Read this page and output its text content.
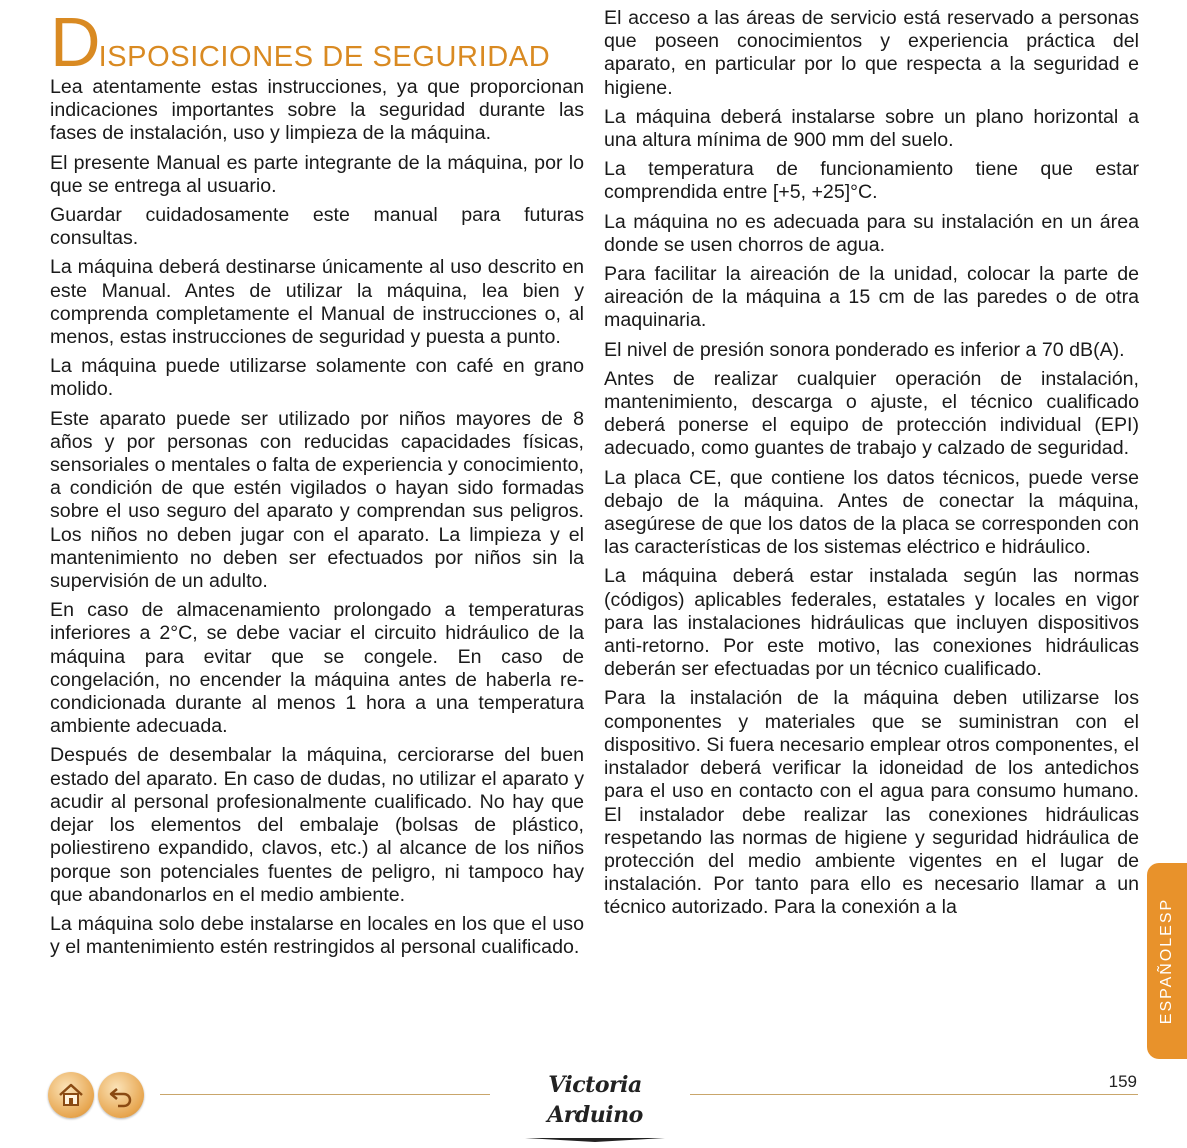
DISPOSICIONES DE SEGURIDAD

Lea atentamente estas instrucciones, ya que proporcionan indicaciones importantes sobre la seguridad durante las fases de instalación, uso y limpieza de la máquina.

El presente Manual es parte integrante de la máquina, por lo que se entrega al usuario.

Guardar cuidadosamente este manual para futuras consultas.

La máquina deberá destinarse únicamente al uso descrito en este Manual. Antes de utilizar la máquina, lea bien y comprenda completamente el Manual de instrucciones o, al menos, estas instrucciones de seguridad y puesta a punto.

La máquina puede utilizarse solamente con café en grano molido.

Este aparato puede ser utilizado por niños mayores de 8 años y por personas con reducidas capacidades físicas, sensoriales o mentales o falta de experiencia y conocimiento, a condición de que estén vigilados o hayan sido formadas sobre el uso seguro del aparato y comprendan sus peligros. Los niños no deben jugar con el aparato. La limpieza y el mantenimiento no deben ser efectuados por niños sin la supervisión de un adulto.

En caso de almacenamiento prolongado a temperaturas inferiores a 2°C, se debe vaciar el circuito hidráulico de la máquina para evitar que se congele. En caso de congelación, no encender la máquina antes de haberla re-condicionada durante al menos 1 hora a una temperatura ambiente adecuada.

Después de desembalar la máquina, cerciorarse del buen estado del aparato. En caso de dudas, no utilizar el aparato y acudir al personal profesionalmente cualificado. No hay que dejar los elementos del embalaje (bolsas de plástico, poliestireno expandido, clavos, etc.) al alcance de los niños porque son potenciales fuentes de peligro, ni tampoco hay que abandonarlos en el medio ambiente.

La máquina solo debe instalarse en locales en los que el uso y el mantenimiento estén restringidos al personal cualificado.

El acceso a las áreas de servicio está reservado a personas que poseen conocimientos y experiencia práctica del aparato, en particular por lo que respecta a la seguridad e higiene.

La máquina deberá instalarse sobre un plano horizontal a una altura mínima de 900 mm del suelo.

La temperatura de funcionamiento tiene que estar comprendida entre [+5, +25]°C.

La máquina no es adecuada para su instalación en un área donde se usen chorros de agua.

Para facilitar la aireación de la unidad, colocar la parte de aireación de la máquina a 15 cm de las paredes o de otra maquinaria.

El nivel de presión sonora ponderado es inferior a 70 dB(A).

Antes de realizar cualquier operación de instalación, mantenimiento, descarga o ajuste, el técnico cualificado deberá ponerse el equipo de protección individual (EPI) adecuado, como guantes de trabajo y calzado de seguridad.

La placa CE, que contiene los datos técnicos, puede verse debajo de la máquina. Antes de conectar la máquina, asegúrese de que los datos de la placa se corresponden con las características de los sistemas eléctrico e hidráulico.

La máquina deberá estar instalada según las normas (códigos) aplicables federales, estatales y locales en vigor para las instalaciones hidráulicas que incluyen dispositivos anti-retorno. Por este motivo, las conexiones hidráulicas deberán ser efectuadas por un técnico cualificado.

Para la instalación de la máquina deben utilizarse los componentes y materiales que se suministran con el dispositivo. Si fuera necesario emplear otros componentes, el instalador deberá verificar la idoneidad de los antedichos para el uso en contacto con el agua para consumo humano. El instalador debe realizar las conexiones hidráulicas respetando las normas de higiene y seguridad hidráulica de protección del medio ambiente vigentes en el lugar de instalación. Por tanto para ello es necesario llamar a un técnico autorizado. Para la conexión a la	ESPAÑOLESP
Victoria Arduino
159
